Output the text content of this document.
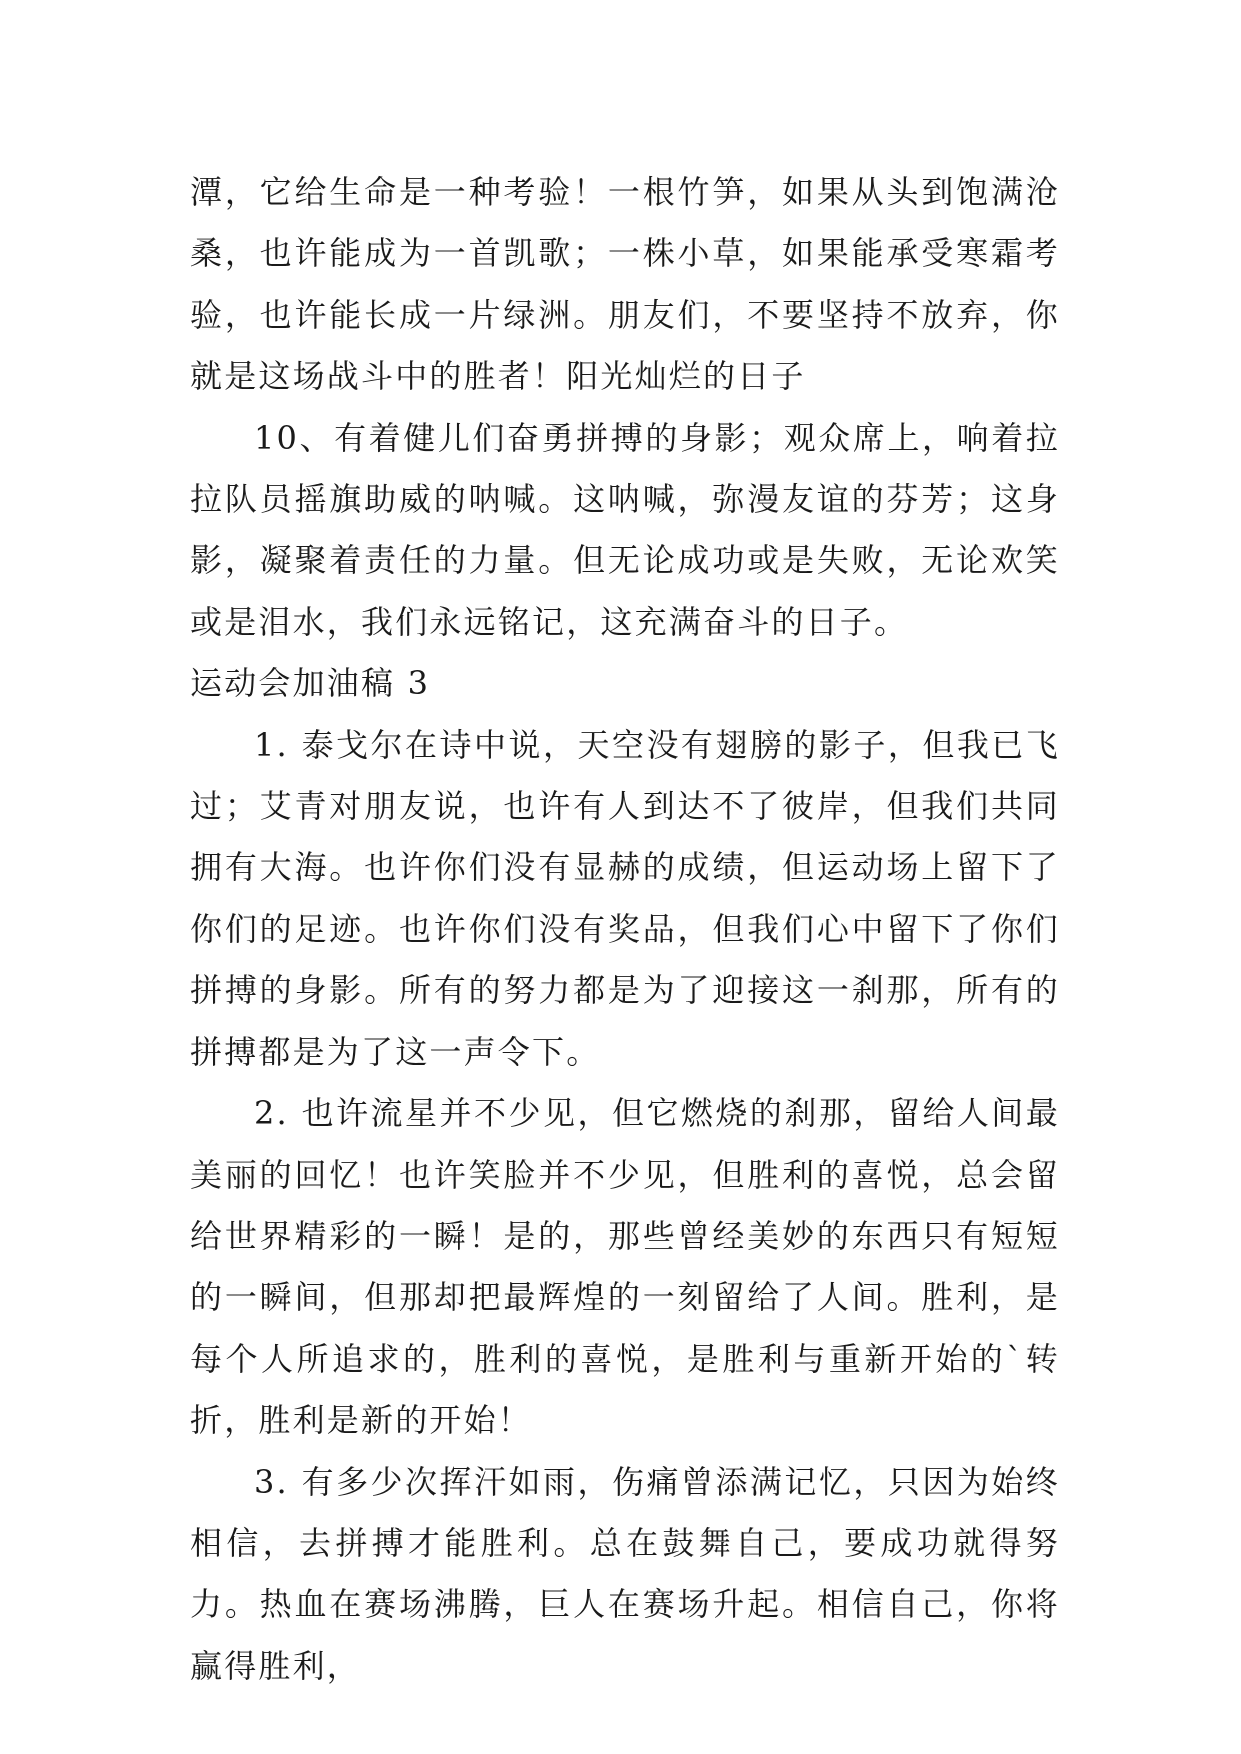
潭，它给生命是一种考验！一根竹笋，如果从头到饱满沧桑，也许能成为一首凯歌；一株小草，如果能承受寒霜考验，也许能长成一片绿洲。朋友们，不要坚持不放弃，你就是这场战斗中的胜者！阳光灿烂的日子

10、有着健儿们奋勇拼搏的身影；观众席上，响着拉拉队员摇旗助威的呐喊。这呐喊，弥漫友谊的芬芳；这身影，凝聚着责任的力量。但无论成功或是失败，无论欢笑或是泪水，我们永远铭记，这充满奋斗的日子。

运动会加油稿 3

1. 泰戈尔在诗中说，天空没有翅膀的影子，但我已飞过；艾青对朋友说，也许有人到达不了彼岸，但我们共同拥有大海。也许你们没有显赫的成绩，但运动场上留下了你们的足迹。也许你们没有奖品，但我们心中留下了你们拼搏的身影。所有的努力都是为了迎接这一刹那，所有的拼搏都是为了这一声令下。

2. 也许流星并不少见，但它燃烧的刹那，留给人间最美丽的回忆！也许笑脸并不少见，但胜利的喜悦，总会留给世界精彩的一瞬！是的，那些曾经美妙的东西只有短短的一瞬间，但那却把最辉煌的一刻留给了人间。胜利，是每个人所追求的，胜利的喜悦，是胜利与重新开始的`转折，胜利是新的开始！

3. 有多少次挥汗如雨，伤痛曾添满记忆，只因为始终相信，去拼搏才能胜利。总在鼓舞自己，要成功就得努力。热血在赛场沸腾，巨人在赛场升起。相信自己，你将赢得胜利，
